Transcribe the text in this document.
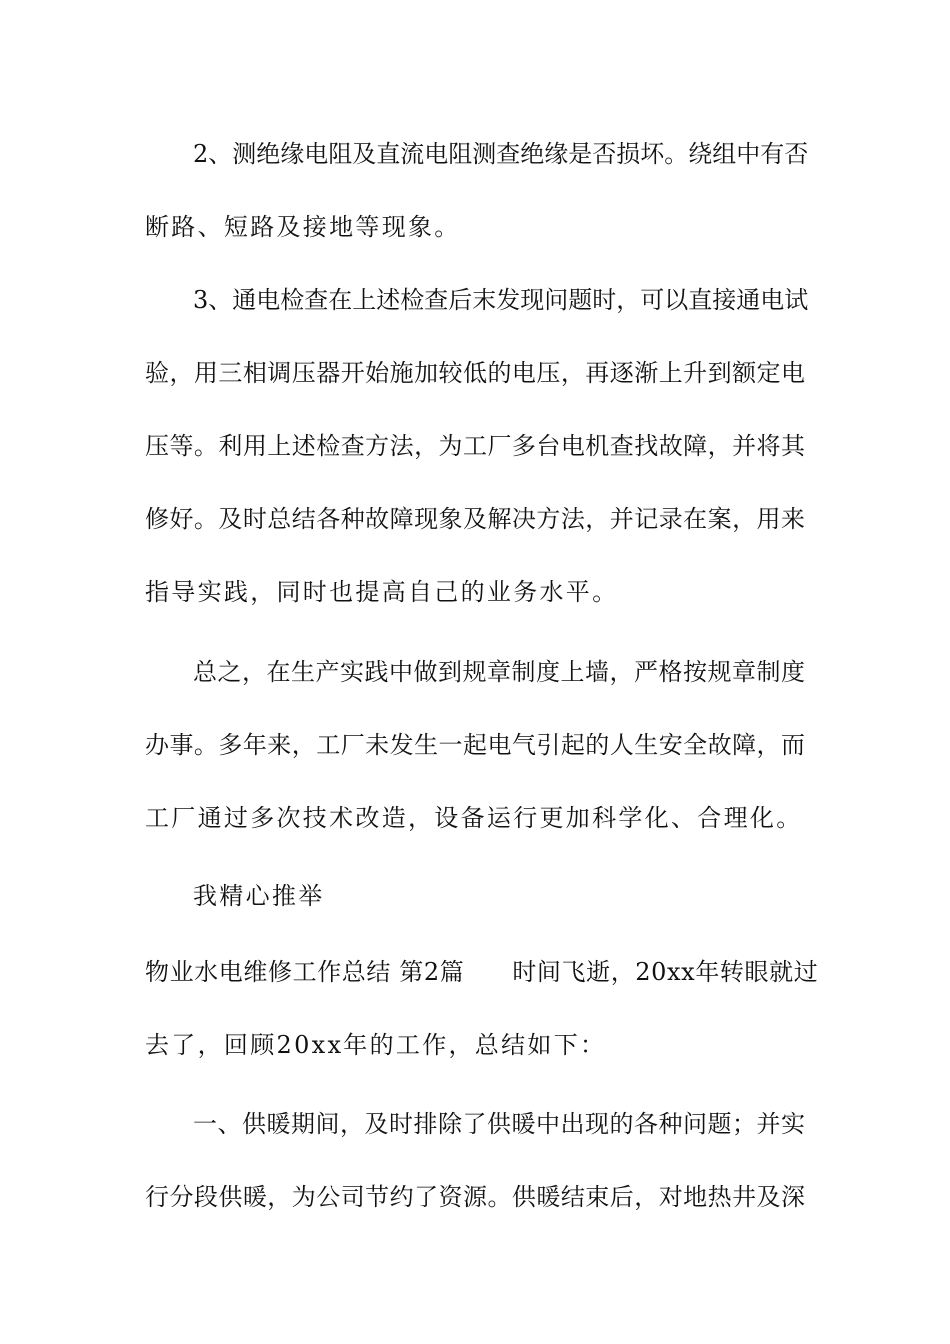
2、测绝缘电阻及直流电阻测查绝缘是否损坏。绕组中有否
断路、短路及接地等现象。
3、通电检查在上述检查后末发现问题时，可以直接通电试
验，用三相调压器开始施加较低的电压，再逐渐上升到额定电
压等。利用上述检查方法，为工厂多台电机查找故障，并将其
修好。及时总结各种故障现象及解决方法，并记录在案，用来
指导实践，同时也提高自己的业务水平。
总之，在生产实践中做到规章制度上墙，严格按规章制度
办事。多年来，工厂未发生一起电气引起的人生安全故障，而
工厂通过多次技术改造，设备运行更加科学化、合理化。
我精心推举
物业水电维修工作总结 第2篇 时间飞逝，20xx年转眼就过
去了，回顾20xx年的工作，总结如下：
一、供暖期间，及时排除了供暖中出现的各种问题；并实
行分段供暖，为公司节约了资源。供暖结束后，对地热井及深
